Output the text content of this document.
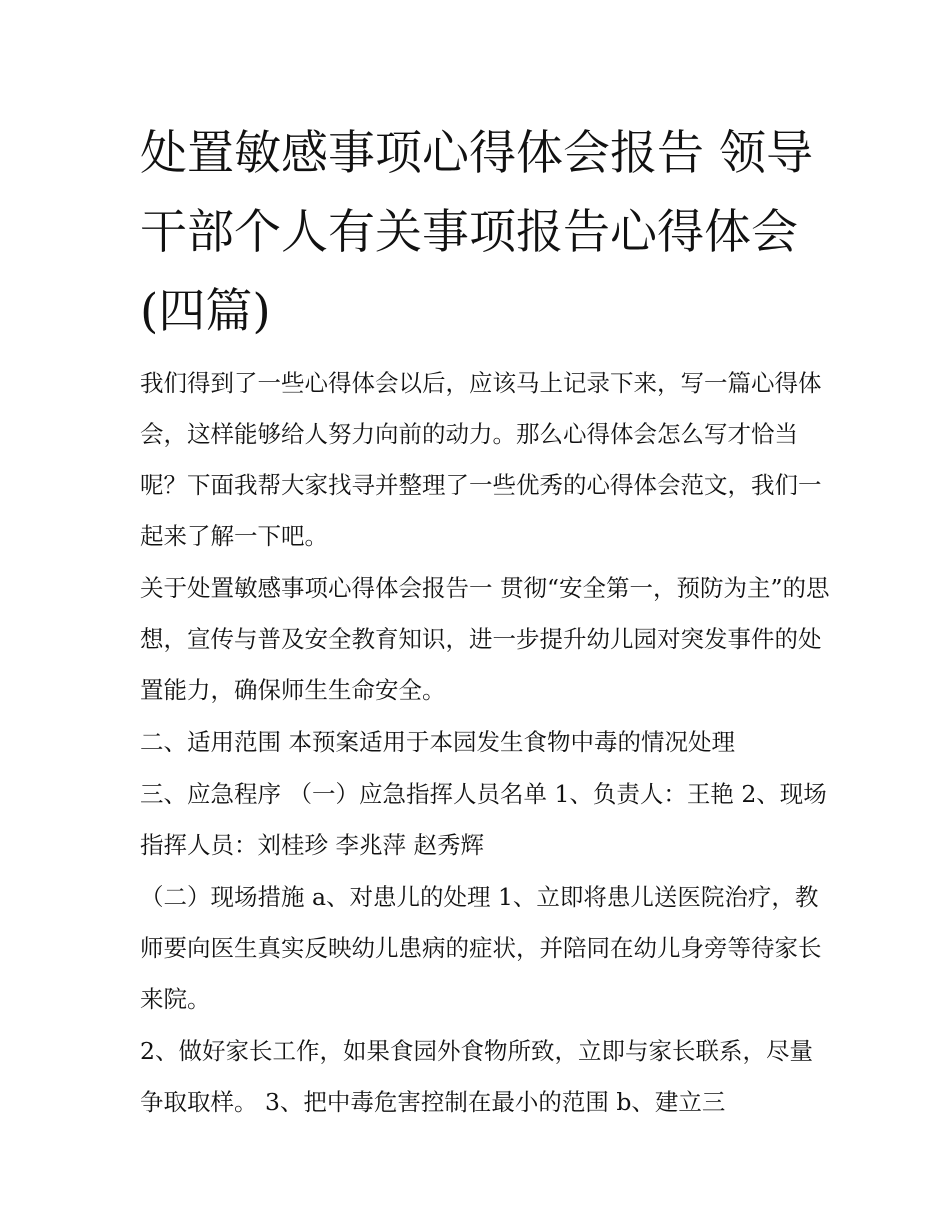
处置敏感事项心得体会报告 领导干部个人有关事项报告心得体会(四篇)

我们得到了一些心得体会以后，应该马上记录下来，写一篇心得体会，这样能够给人努力向前的动力。那么心得体会怎么写才恰当呢？下面我帮大家找寻并整理了一些优秀的心得体会范文，我们一起来了解一下吧。

关于处置敏感事项心得体会报告一 贯彻“安全第一，预防为主”的思想，宣传与普及安全教育知识，进一步提升幼儿园对突发事件的处置能力，确保师生生命安全。

二、适用范围 本预案适用于本园发生食物中毒的情况处理

三、应急程序 （一）应急指挥人员名单 1、负责人：王艳 2、现场指挥人员：刘桂珍 李兆萍 赵秀辉

（二）现场措施 a、对患儿的处理 1、立即将患儿送医院治疗，教师要向医生真实反映幼儿患病的症状，并陪同在幼儿身旁等待家长来院。

2、做好家长工作，如果食园外食物所致，立即与家长联系，尽量争取取样。 3、把中毒危害控制在最小的范围 b、建立三
